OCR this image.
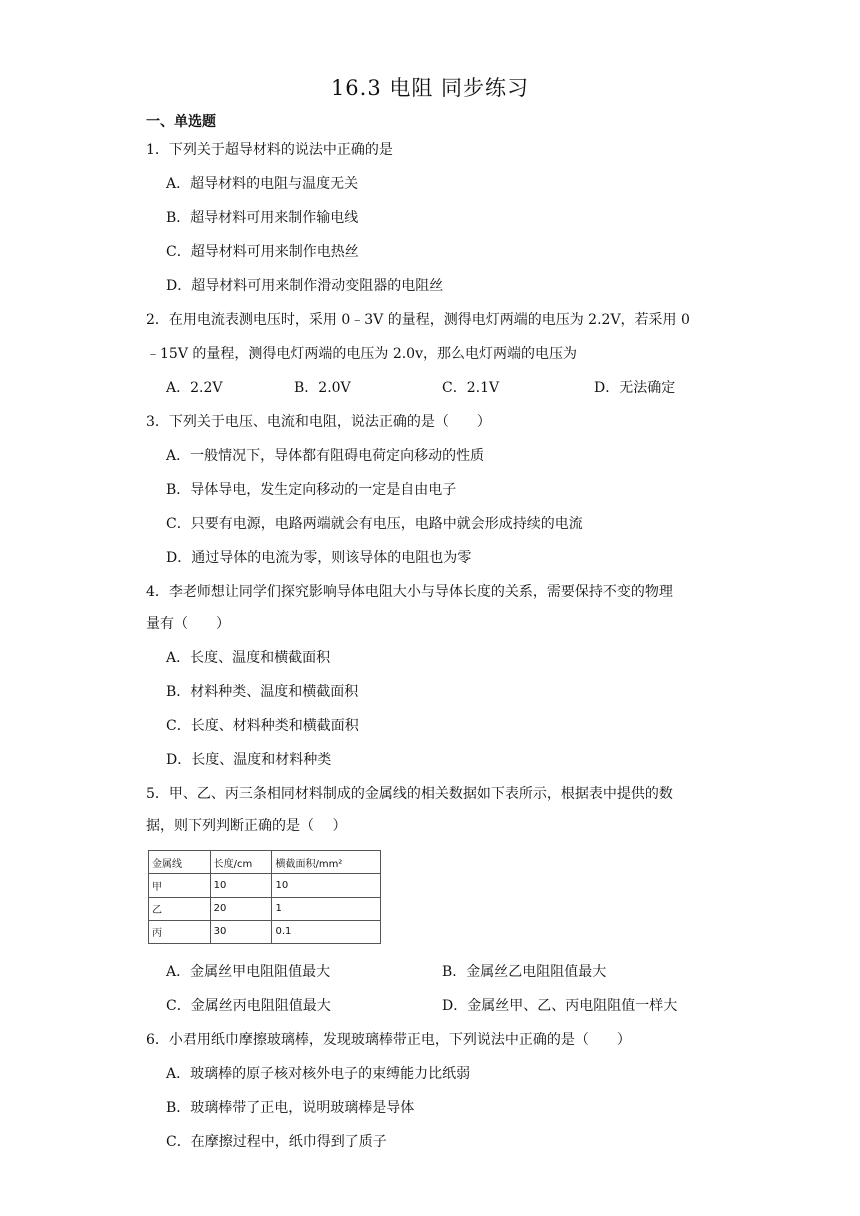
16.3 电阻 同步练习
一、单选题
1．下列关于超导材料的说法中正确的是
A．超导材料的电阻与温度无关
B．超导材料可用来制作输电线
C．超导材料可用来制作电热丝
D．超导材料可用来制作滑动变阻器的电阻丝
2．在用电流表测电压时，采用 0﹣3V 的量程，测得电灯两端的电压为 2.2V，若采用 0
﹣15V 的量程，测得电灯两端的电压为 2.0v，那么电灯两端的电压为
A．2.2V	B．2.0V	C．2.1V	D．无法确定
3．下列关于电压、电流和电阻，说法正确的是（　　）
A．一般情况下，导体都有阻碍电荷定向移动的性质
B．导体导电，发生定向移动的一定是自由电子
C．只要有电源，电路两端就会有电压，电路中就会形成持续的电流
D．通过导体的电流为零，则该导体的电阻也为零
4．李老师想让同学们探究影响导体电阻大小与导体长度的关系，需要保持不变的物理
量有（　　）
A．长度、温度和横截面积
B．材料种类、温度和横截面积
C．长度、材料种类和横截面积
D．长度、温度和材料种类
5．甲、乙、丙三条相同材料制成的金属线的相关数据如下表所示，根据表中提供的数
据，则下列判断正确的是（　 ）
金属线	长度/cm	横截面积/mm²
甲	10	10
乙	20	1
丙	30	0.1
A．金属丝甲电阻阻值最大	B．金属丝乙电阻阻值最大
C．金属丝丙电阻阻值最大	D．金属丝甲、乙、丙电阻阻值一样大
6．小君用纸巾摩擦玻璃棒，发现玻璃棒带正电，下列说法中正确的是（　　）
A．玻璃棒的原子核对核外电子的束缚能力比纸弱
B．玻璃棒带了正电，说明玻璃棒是导体
C．在摩擦过程中，纸巾得到了质子
